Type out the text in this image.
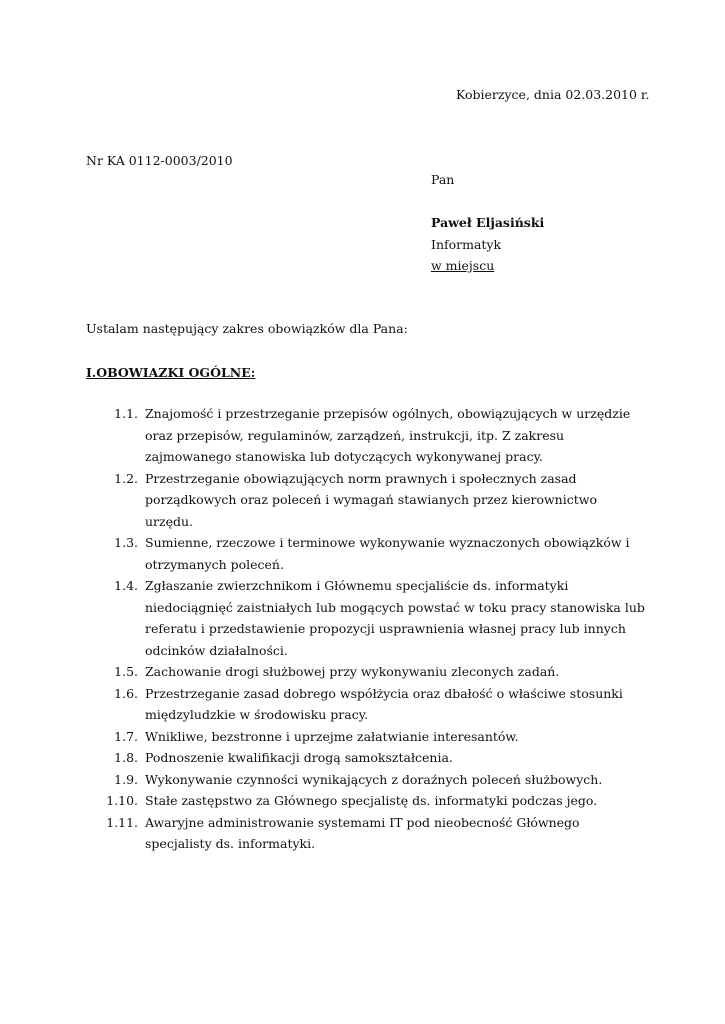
Kobierzyce, dnia 02.03.2010 r.
Nr KA 0112-0003/2010
Pan
Paweł Eljasiński
Informatyk
w miejscu
Ustalam następujący zakres obowiązków dla Pana:
I.OBOWIAZKI OGÓLNE:
1.1. Znajomość i przestrzeganie przepisów ogólnych, obowiązujących w urzędzie oraz przepisów, regulaminów, zarządzeń, instrukcji, itp. Z zakresu zajmowanego stanowiska lub dotyczących wykonywanej pracy.
1.2. Przestrzeganie obowiązujących norm prawnych i społecznych zasad porządkowych oraz poleceń i wymagań stawianych przez kierownictwo urzędu.
1.3. Sumienne, rzeczowe i terminowe wykonywanie wyznaczonych obowiązków i otrzymanych poleceń.
1.4. Zgłaszanie zwierzchnikom i Głównemu specjaliście ds. informatyki niedociągnięć zaistniałych lub mogących powstać w toku pracy stanowiska lub referatu i przedstawienie propozycji usprawnienia własnej pracy lub innych odcinków działalności.
1.5. Zachowanie drogi służbowej przy wykonywaniu zleconych zadań.
1.6. Przestrzeganie zasad dobrego współżycia oraz dbałość o właściwe stosunki międzyludzkie w środowisku pracy.
1.7. Wnikliwe, bezstronne i uprzejme załatwianie interesantów.
1.8. Podnoszenie kwalifikacji drogą samokształcenia.
1.9. Wykonywanie czynności wynikających z doraźnych poleceń służbowych.
1.10. Stałe zastępstwo za Głównego specjalistę ds. informatyki podczas jego.
1.11. Awaryjne administrowanie systemami IT pod nieobecność Głównego specjalisty ds. informatyki.
